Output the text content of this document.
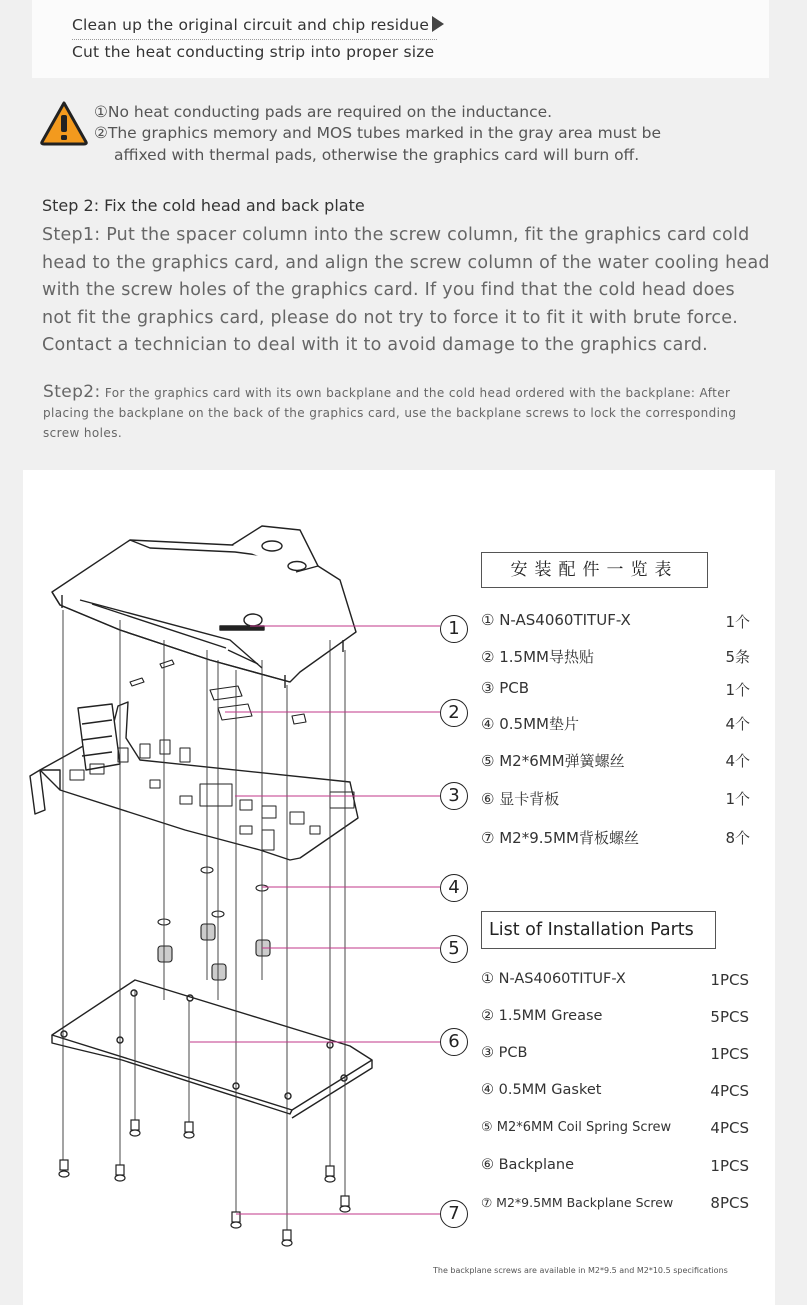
Clean up the original circuit and chip residue
Cut the heat conducting strip into proper size
①No heat conducting pads are required on the inductance.
②The graphics memory and MOS tubes marked in the gray area must be
affixed with thermal pads, otherwise the graphics card will burn off.
Step 2: Fix the cold head and back plate
Step1: Put the spacer column into the screw column, fit the graphics card cold head to the graphics card, and align the screw column of the water cooling head with the screw holes of the graphics card. If you find that the cold head does not fit the graphics card, please do not try to force it to fit it with brute force. Contact a technician to deal with it to avoid damage to the graphics card.
Step2: For the graphics card with its own backplane and the cold head ordered with the backplane: After placing the backplane on the back of the graphics card, use the backplane screws to lock the corresponding screw holes.
1
2
3
4
5
6
7
安装配件一览表
① N-AS4060TITUF-X	1个
② 1.5MM导热贴	5条
③ PCB	1个
④ 0.5MM垫片	4个
⑤ M2*6MM弹簧螺丝	4个
⑥ 显卡背板	1个
⑦ M2*9.5MM背板螺丝	8个
List of Installation Parts
① N-AS4060TITUF-X	1PCS
② 1.5MM Grease	5PCS
③ PCB	1PCS
④ 0.5MM Gasket	4PCS
⑤ M2*6MM Coil Spring Screw	4PCS
⑥ Backplane	1PCS
⑦ M2*9.5MM Backplane Screw	8PCS
The backplane screws are available in M2*9.5 and M2*10.5 specifications
